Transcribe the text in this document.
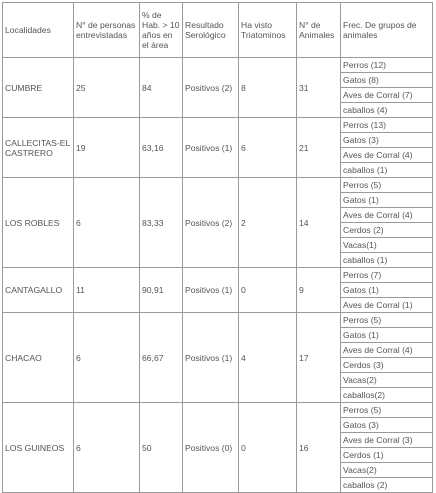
Localidades	N° de personas entrevistadas	% de Hab. > 10 años en el área	Resultado Serológico	Ha visto Triatominos	N° de Animales	Frec. De grupos de animales
CUMBRE	25	84	Positivos (2)	8	31	Perros (12)
						Gatos (8)
						Aves de Corral (7)
						caballos (4)
CALLECITAS-EL CASTRERO	19	63,16	Positivos (1)	6	21	Perros (13)
						Gatos (3)
						Aves de Corral (4)
						caballos (1)
LOS ROBLES	6	83,33	Positivos (2)	2	14	Perros (5)
						Gatos (1)
						Aves de Corral (4)
						Cerdos (2)
						Vacas(1)
						caballos (1)
CANTAGALLO	11	90,91	Positivos (1)	0	9	Perros (7)
						Gatos (1)
						Aves de Corral (1)
CHACAO	6	66,67	Positivos (1)	4	17	Perros (5)
						Gatos (1)
						Aves de Corral (4)
						Cerdos (3)
						Vacas(2)
						caballos(2)
LOS GUINEOS	6	50	Positivos (0)	0	16	Perros (5)
						Gatos (3)
						Aves de Corral (3)
						Cerdos (1)
						Vacas(2)
						caballos (2)
